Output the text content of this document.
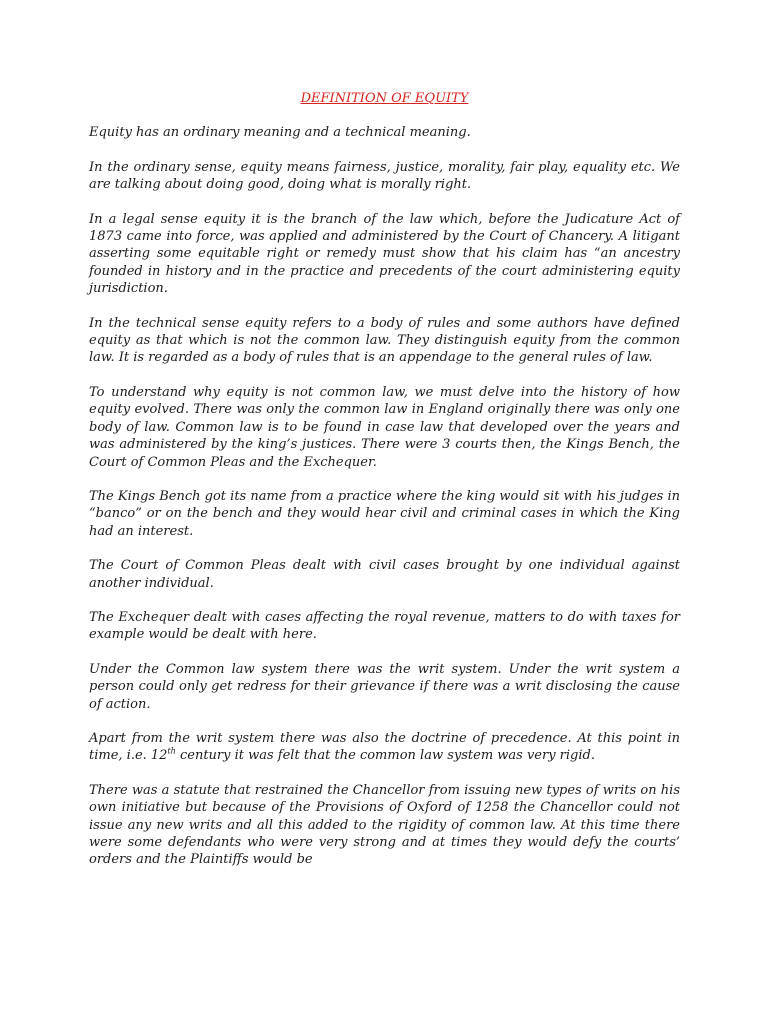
DEFINITION OF EQUITY

Equity has an ordinary meaning and a technical meaning.

In the ordinary sense, equity means fairness, justice, morality, fair play, equality etc. We are talking about doing good, doing what is morally right.

In a legal sense equity it is the branch of the law which, before the Judicature Act of 1873 came into force, was applied and administered by the Court of Chancery. A litigant asserting some equitable right or remedy must show that his claim has “an ancestry founded in history and in the practice and precedents of the court administering equity jurisdiction.

In the technical sense equity refers to a body of rules and some authors have defined equity as that which is not the common law. They distinguish equity from the common law. It is regarded as a body of rules that is an appendage to the general rules of law.

To understand why equity is not common law, we must delve into the history of how equity evolved. There was only the common law in England originally there was only one body of law. Common law is to be found in case law that developed over the years and was administered by the king’s justices. There were 3 courts then, the Kings Bench, the Court of Common Pleas and the Exchequer.

The Kings Bench got its name from a practice where the king would sit with his judges in “banco” or on the bench and they would hear civil and criminal cases in which the King had an interest.

The Court of Common Pleas dealt with civil cases brought by one individual against another individual.

The Exchequer dealt with cases affecting the royal revenue, matters to do with taxes for example would be dealt with here.

Under the Common law system there was the writ system. Under the writ system a person could only get redress for their grievance if there was a writ disclosing the cause of action.

Apart from the writ system there was also the doctrine of precedence. At this point in time, i.e. 12th century it was felt that the common law system was very rigid.

There was a statute that restrained the Chancellor from issuing new types of writs on his own initiative but because of the Provisions of Oxford of 1258 the Chancellor could not issue any new writs and all this added to the rigidity of common law. At this time there were some defendants who were very strong and at times they would defy the courts’ orders and the Plaintiffs would be
